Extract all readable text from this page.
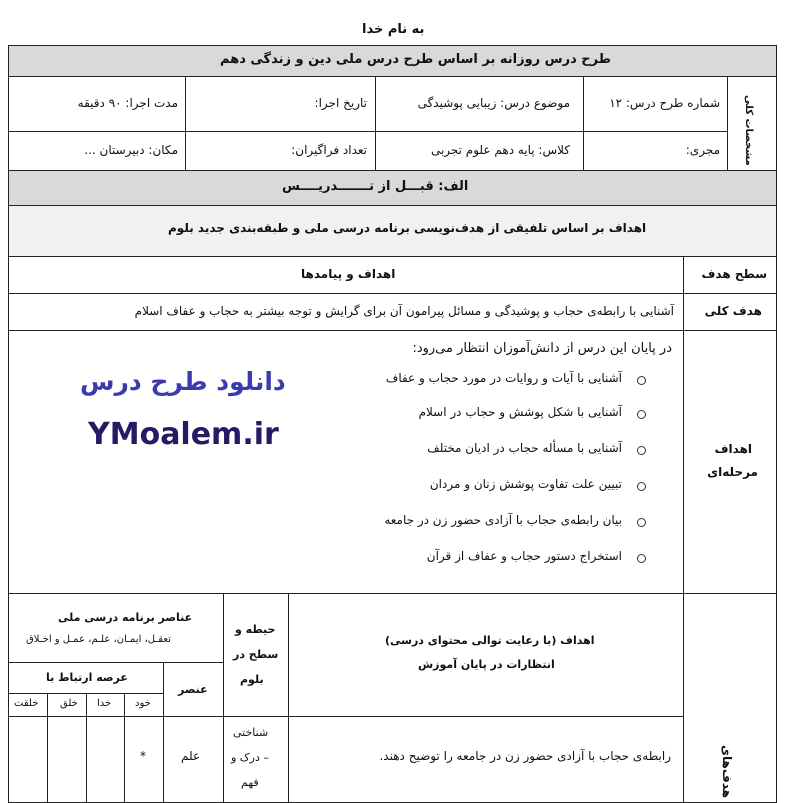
به نام خدا
طرح درس روزانه بر اساس طرح درس ملی دین و زندگی دهم
مشخصات کلی
شماره طرح درس: ۱۲
موضوع درس: زیبایی پوشیدگی
تاریخ اجرا:
مدت اجرا: ۹۰ دقیقه
مجری:
کلاس: پایه دهم علوم تجربی
تعداد فراگیران:
مکان: دبیرستان ...
الف: قبـــل از تـــــــدریــــس
اهداف بر اساس تلفیقی از هدف‌نویسی برنامه درسی ملی و طبقه‌بندی جدید بلوم
سطح هدف
اهداف و پیامدها
هدف کلی
آشنایی با رابطه‌ی حجاب و پوشیدگی و مسائل پیرامون آن برای گرایش و توجه بیشتر به حجاب و عفاف اسلام
اهداف
مرحله‌ای
در پایان این درس از دانش‌آموزان انتظار می‌رود:
آشنایی با آیات و روایات در مورد حجاب و عفاف
آشنایی با شکل پوشش و حجاب در اسلام
آشنایی با مسأله حجاب در ادیان مختلف
تبیین علت تفاوت پوشش زنان و مردان
بیان رابطه‌ی حجاب با آزادی حضور زن در جامعه
استخراج دستور حجاب و عفاف از قرآن
دانلود طرح درس
YMoalem.ir
هدف‌های
اهداف (با رعایت توالی محتوای درسی)
انتظارات در پایان آموزش
حیطه و
سطح در
بلوم
عناصر برنامه درسی ملی
تعقـل، ایمـان، علـم، عمـل و اخـلاق
عنصر
عرصه ارتباط با
خود
خدا
خلق
خلقت
رابطه‌ی حجاب با آزادی حضور زن در جامعه را توضیح دهند.
شناختی
– درک و
فهم
علم
*
